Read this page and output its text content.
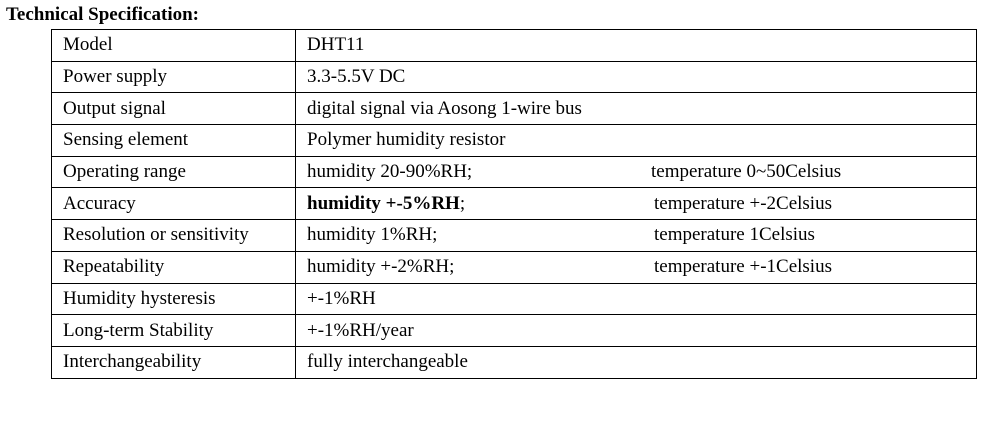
Technical Specification:
Model	DHT11
Power supply	3.3-5.5V DC
Output signal	digital signal via Aosong 1-wire bus
Sensing element	Polymer humidity resistor
Operating range	humidity 20-90%RH; temperature 0~50Celsius
Accuracy	humidity +-5%RH; temperature +-2Celsius
Resolution or sensitivity	humidity 1%RH; temperature 1Celsius
Repeatability	humidity +-2%RH; temperature +-1Celsius
Humidity hysteresis	+-1%RH
Long-term Stability	+-1%RH/year
Interchangeability	fully interchangeable
